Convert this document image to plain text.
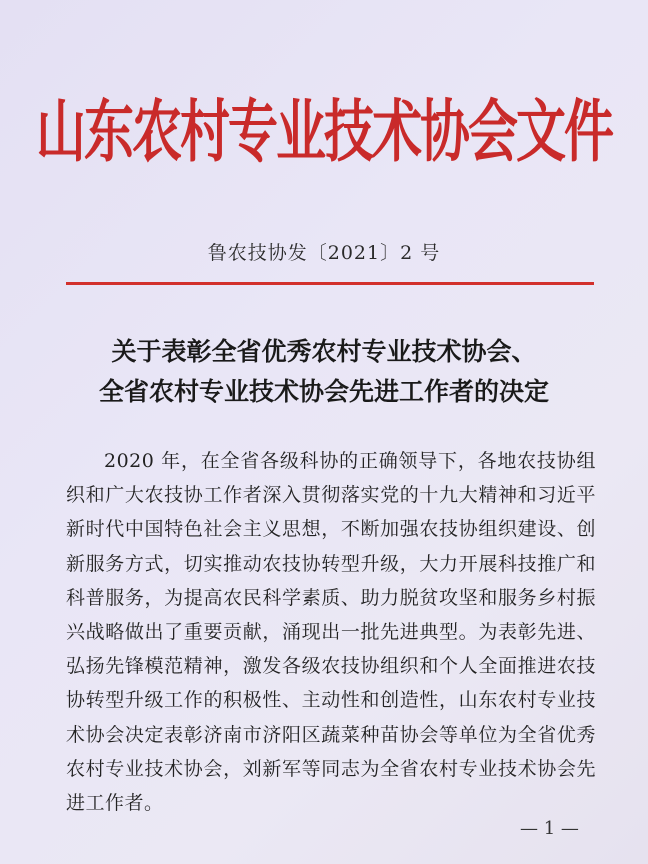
山东农村专业技术协会文件
鲁农技协发〔2021〕2 号
关于表彰全省优秀农村专业技术协会、
全省农村专业技术协会先进工作者的决定
2020 年，在全省各级科协的正确领导下，各地农技协组织和广大农技协工作者深入贯彻落实党的十九大精神和习近平新时代中国特色社会主义思想，不断加强农技协组织建设、创新服务方式，切实推动农技协转型升级，大力开展科技推广和科普服务，为提高农民科学素质、助力脱贫攻坚和服务乡村振兴战略做出了重要贡献，涌现出一批先进典型。为表彰先进、弘扬先锋模范精神，激发各级农技协组织和个人全面推进农技协转型升级工作的积极性、主动性和创造性，山东农村专业技术协会决定表彰济南市济阳区蔬菜种苗协会等单位为全省优秀农村专业技术协会，刘新军等同志为全省农村专业技术协会先进工作者。
— 1 —
